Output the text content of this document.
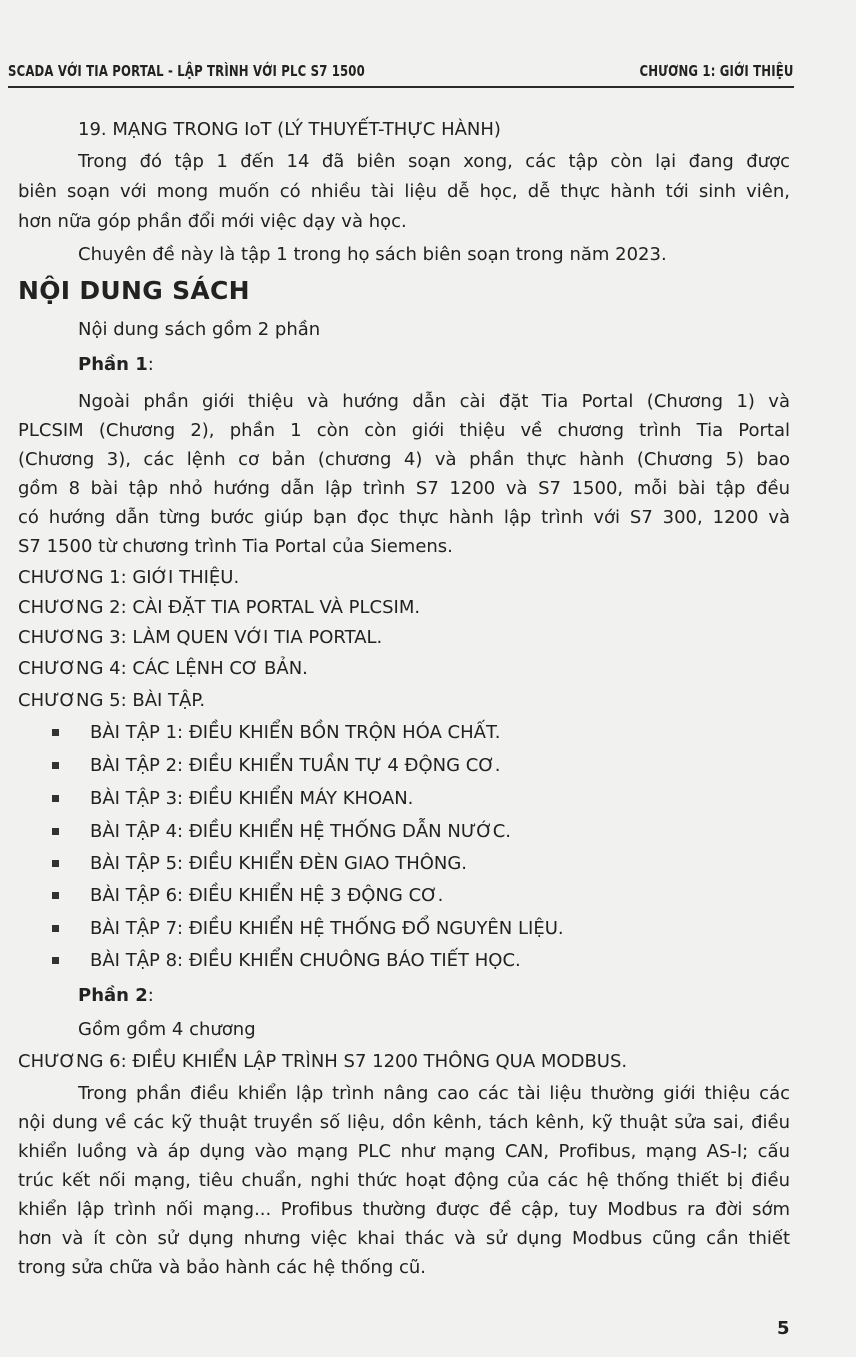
SCADA VỚI TIA PORTAL - LẬP TRÌNH VỚI PLC S7 1500	CHƯƠNG 1: GIỚI THIỆU
19. MẠNG TRONG IoT (LÝ THUYẾT-THỰC HÀNH)
Trong đó tập 1 đến 14 đã biên soạn xong, các tập còn lại đang được
biên soạn với mong muốn có nhiều tài liệu dễ học, dễ thực hành tới sinh viên,
hơn nữa góp phần đổi mới việc dạy và học.
Chuyên đề này là tập 1 trong họ sách biên soạn trong năm 2023.
NỘI DUNG SÁCH
Nội dung sách gồm 2 phần
Phần 1:
Ngoài phần giới thiệu và hướng dẫn cài đặt Tia Portal (Chương 1) và
PLCSIM (Chương 2), phần 1 còn còn giới thiệu về chương trình Tia Portal
(Chương 3), các lệnh cơ bản (chương 4) và phần thực hành (Chương 5) bao
gồm 8 bài tập nhỏ hướng dẫn lập trình S7 1200 và S7 1500, mỗi bài tập đều
có hướng dẫn từng bước giúp bạn đọc thực hành lập trình với S7 300, 1200 và
S7 1500 từ chương trình Tia Portal của Siemens.
CHƯƠNG 1: GIỚI THIỆU.
CHƯƠNG 2: CÀI ĐẶT TIA PORTAL VÀ PLCSIM.
CHƯƠNG 3: LÀM QUEN VỚI TIA PORTAL.
CHƯƠNG 4: CÁC LỆNH CƠ BẢN.
CHƯƠNG 5: BÀI TẬP.
BÀI TẬP 1: ĐIỀU KHIỂN BỒN TRỘN HÓA CHẤT.
BÀI TẬP 2: ĐIỀU KHIỂN TUẦN TỰ 4 ĐỘNG CƠ.
BÀI TẬP 3: ĐIỀU KHIỂN MÁY KHOAN.
BÀI TẬP 4: ĐIỀU KHIỂN HỆ THỐNG DẪN NƯỚC.
BÀI TẬP 5: ĐIỀU KHIỂN ĐÈN GIAO THÔNG.
BÀI TẬP 6: ĐIỀU KHIỂN HỆ 3 ĐỘNG CƠ.
BÀI TẬP 7: ĐIỀU KHIỂN HỆ THỐNG ĐỔ NGUYÊN LIỆU.
BÀI TẬP 8: ĐIỀU KHIỂN CHUÔNG BÁO TIẾT HỌC.
Phần 2:
Gồm gồm 4 chương
CHƯƠNG 6: ĐIỀU KHIỂN LẬP TRÌNH S7 1200 THÔNG QUA MODBUS.
Trong phần điều khiển lập trình nâng cao các tài liệu thường giới thiệu các
nội dung về các kỹ thuật truyền số liệu, dồn kênh, tách kênh, kỹ thuật sửa sai, điều
khiển luồng và áp dụng vào mạng PLC như mạng CAN, Profibus, mạng AS-I; cấu
trúc kết nối mạng, tiêu chuẩn, nghi thức hoạt động của các hệ thống thiết bị điều
khiển lập trình nối mạng... Profibus thường được đề cập, tuy Modbus ra đời sớm
hơn và ít còn sử dụng nhưng việc khai thác và sử dụng Modbus cũng cần thiết
trong sửa chữa và bảo hành các hệ thống cũ.
5
